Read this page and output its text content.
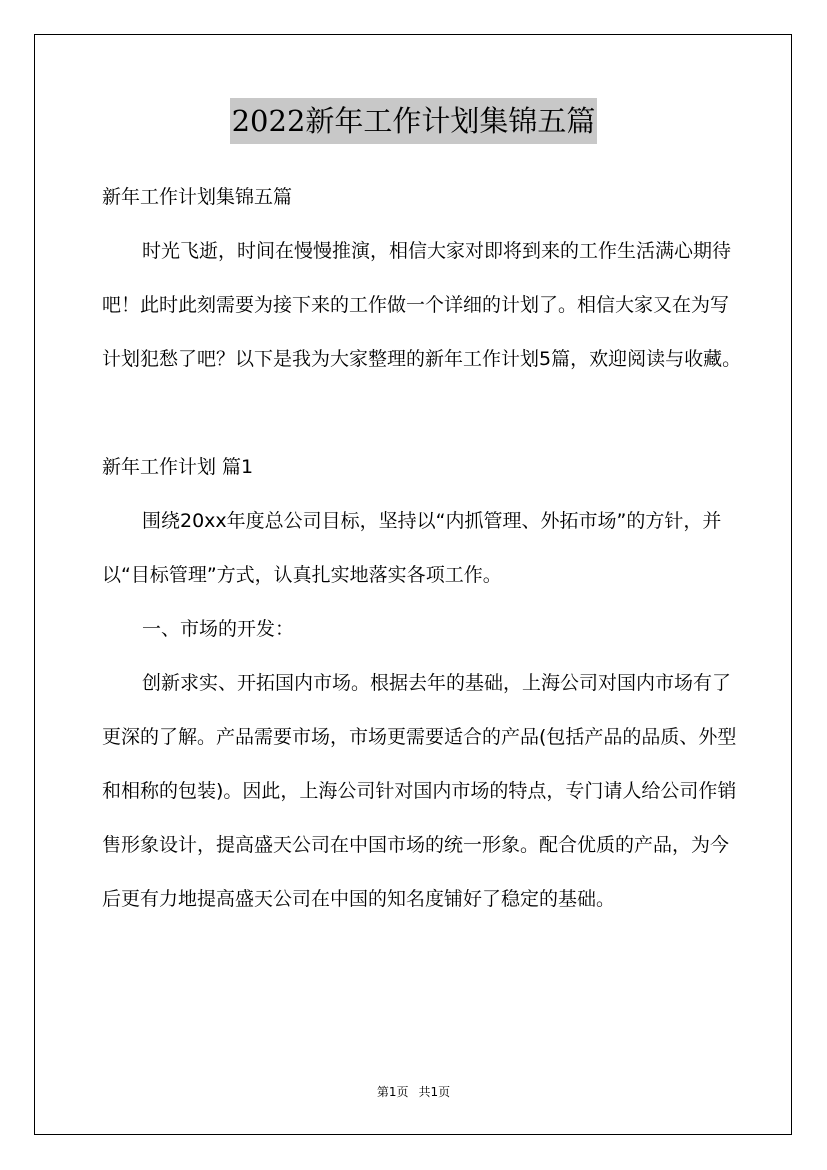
2022新年工作计划集锦五篇

新年工作计划集锦五篇

时光飞逝，时间在慢慢推演，相信大家对即将到来的工作生活满心期待吧！此时此刻需要为接下来的工作做一个详细的计划了。相信大家又在为写计划犯愁了吧？以下是我为大家整理的新年工作计划5篇，欢迎阅读与收藏。

新年工作计划 篇1

围绕20xx年度总公司目标，坚持以“内抓管理、外拓市场”的方针，并以“目标管理”方式，认真扎实地落实各项工作。

一、市场的开发：

创新求实、开拓国内市场。根据去年的基础，上海公司对国内市场有了更深的了解。产品需要市场，市场更需要适合的产品(包括产品的品质、外型和相称的包装)。因此，上海公司针对国内市场的特点，专门请人给公司作销售形象设计，提高盛天公司在中国市场的统一形象。配合优质的产品，为今后更有力地提高盛天公司在中国的知名度铺好了稳定的基础。

第1页 共1页
